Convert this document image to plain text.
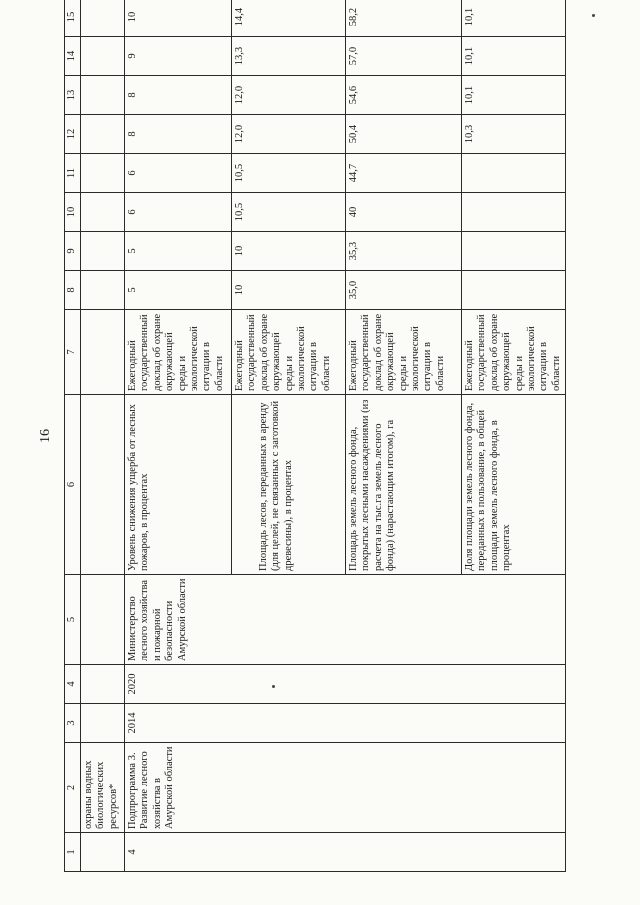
16
1	2	3	4	5	6	7	8	9	10	11	12	13	14	15
	охраны водных биологических ресурсов*													
4	Подпрограмма 3. Развитие лесного хозяйства в Амурской области	2014	2020	Министерство лесного хозяйства и пожарной безопасности Амурской области	Уровень снижения ущерба от лесных пожаров, в процентах	Ежегодный государственный доклад об охране окружающей среды и экологической ситуации в области	5	5	6	6	8	8	9	10
					Площадь лесов, переданных в аренду (для целей, не связанных с заготовкой древесины), в процентах	Ежегодный государственный доклад об охране окружающей среды и экологической ситуации в области	10	10	10,5	10,5	12,0	12,0	13,3	14,4
					Площадь земель лесного фонда, покрытых лесными насаждениями (из расчета на тыс.га земель лесного фонда) (нарастающим итогом), га	Ежегодный государственный доклад об охране окружающей среды и экологической ситуации в области	35,0	35,3	40	44,7	50,4	54,6	57,0	58,2
					Доля площади земель лесного фонда, переданных в пользование, в общей площади земель лесного фонда, в процентах	Ежегодный государственный доклад об охране окружающей среды и экологической ситуации в области					10,3	10,1	10,1	10,1
